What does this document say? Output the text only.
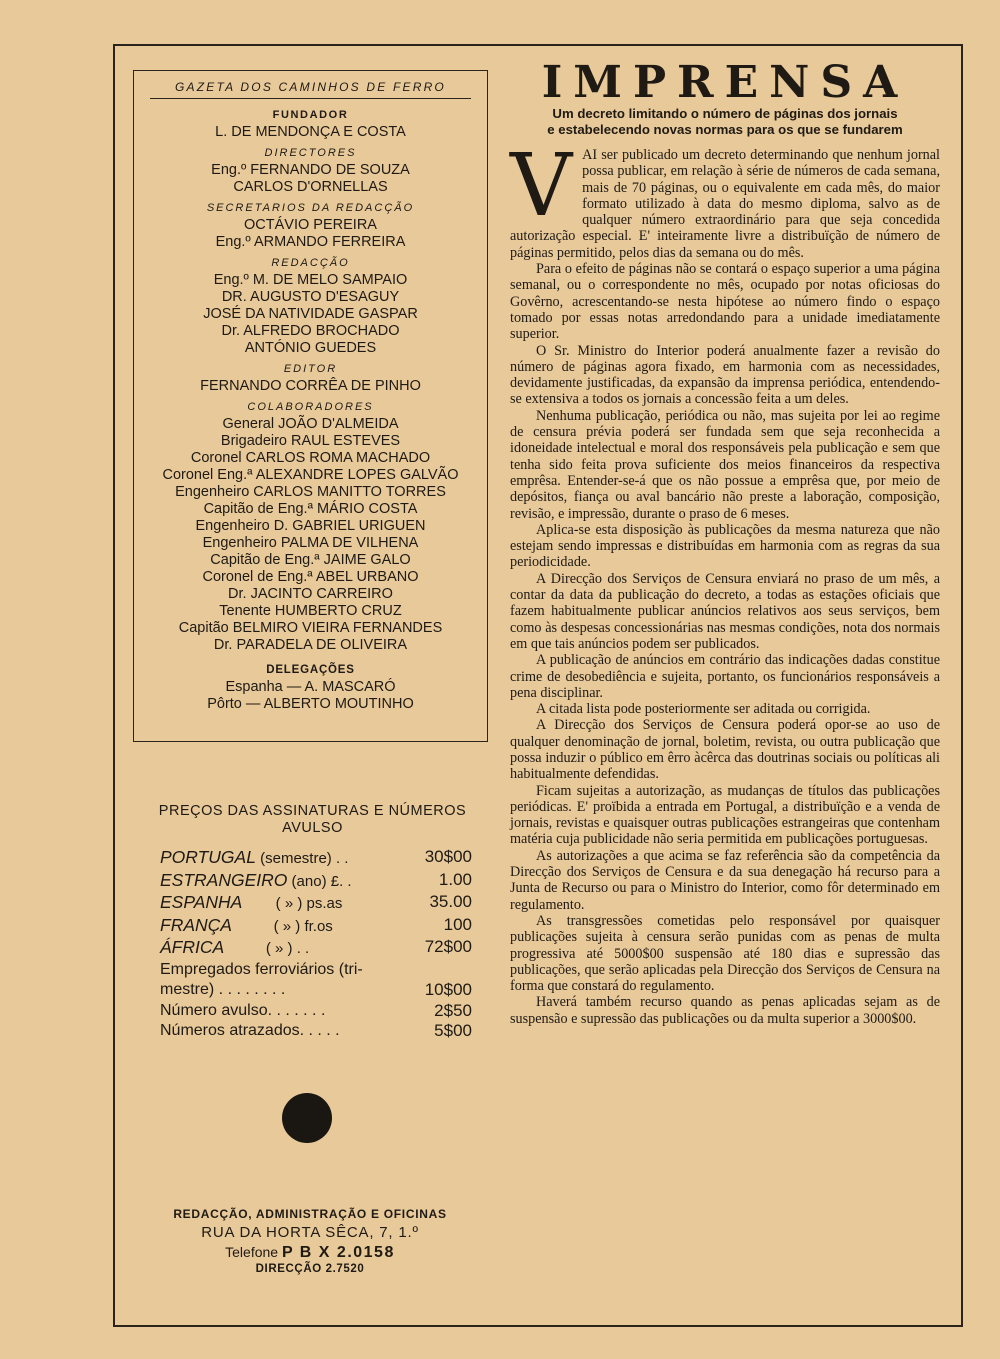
GAZETA DOS CAMINHOS DE FERRO
FUNDADOR
L. DE MENDONÇA E COSTA
DIRECTORES
Eng.º FERNANDO DE SOUZA
CARLOS D'ORNELLAS
SECRETARIOS DA REDACÇÃO
OCTÁVIO PEREIRA
Eng.º ARMANDO FERREIRA
REDACÇÃO
Eng.º M. DE MELO SAMPAIO
DR. AUGUSTO D'ESAGUY
JOSÉ DA NATIVIDADE GASPAR
Dr. ALFREDO BROCHADO
ANTÓNIO GUEDES
EDITOR
FERNANDO CORRÊA DE PINHO
COLABORADORES
General JOÃO D'ALMEIDA
Brigadeiro RAUL ESTEVES
Coronel CARLOS ROMA MACHADO
Coronel Eng.ª ALEXANDRE LOPES GALVÃO
Engenheiro CARLOS MANITTO TORRES
Capitão de Eng.ª MÁRIO COSTA
Engenheiro D. GABRIEL URIGUEN
Engenheiro PALMA DE VILHENA
Capitão de Eng.ª JAIME GALO
Coronel de Eng.ª ABEL URBANO
Dr. JACINTO CARREIRO
Tenente HUMBERTO CRUZ
Capitão BELMIRO VIEIRA FERNANDES
Dr. PARADELA DE OLIVEIRA
DELEGAÇÕES
Espanha — A. MASCARÓ
Pôrto — ALBERTO MOUTINHO
PREÇOS DAS ASSINATURAS E NÚMEROS
AVULSO
PORTUGAL (semestre) . .	30$00
ESTRANGEIRO (ano) £. .	1.00
ESPANHA        ( » ) ps.as	35.00
FRANÇA          ( » ) fr.os	100
ÁFRICA          ( » ) . .	72$00
Empregados ferroviários (tri-
mestre) . . . . . . . .	10$00
Número avulso. . . . . . .	2$50
Números atrazados. . . . .	5$00
REDACÇÃO, ADMINISTRAÇÃO E OFICINAS
RUA DA HORTA SÊCA, 7, 1.º
Telefone P B X 2.0158
DIRECÇÃO 2.7520
IMPRENSA
Um decreto limitando o número de páginas dos jornais
e estabelecendo novas normas para os que se fundarem

VAI ser publicado um decreto determinando que nenhum jornal possa publicar, em relação à série de números de cada semana, mais de 70 páginas, ou o equivalente em cada mês, do maior formato utilizado à data do mesmo diploma, salvo as de qualquer número extraordinário para que seja concedida autorização especial. E' inteiramente livre a distribuïção de número de páginas permitido, pelos dias da semana ou do mês.

Para o efeito de páginas não se contará o espaço superior a uma página semanal, ou o correspondente no mês, ocupado por notas oficiosas do Govêrno, acrescentando-se nesta hipótese ao número findo o espaço tomado por essas notas arredondando para a unidade imediatamente superior.

O Sr. Ministro do Interior poderá anualmente fazer a revisão do número de páginas agora fixado, em harmonia com as necessidades, devidamente justificadas, da expansão da imprensa periódica, entendendo-se extensiva a todos os jornais a concessão feita a um deles.

Nenhuma publicação, periódica ou não, mas sujeita por lei ao regime de censura prévia poderá ser fundada sem que seja reconhecida a idoneidade intelectual e moral dos responsáveis pela publicação e sem que tenha sido feita prova suficiente dos meios financeiros da respectiva emprêsa. Entender-se-á que os não possue a emprêsa que, por meio de depósitos, fiança ou aval bancário não preste a laboração, composição, revisão, e impressão, durante o praso de 6 meses.

Aplica-se esta disposição às publicações da mesma natureza que não estejam sendo impressas e distribuídas em harmonia com as regras da sua periodicidade.

A Direcção dos Serviços de Censura enviará no praso de um mês, a contar da data da publicação do decreto, a todas as estações oficiais que fazem habitualmente publicar anúncios relativos aos seus serviços, bem como às despesas concessionárias nas mesmas condições, nota dos normais em que tais anúncios podem ser publicados.

A publicação de anúncios em contrário das indicações dadas constitue crime de desobediência e sujeita, portanto, os funcionários responsáveis a pena disciplinar.

A citada lista pode posteriormente ser aditada ou corrigida.

A Direcção dos Serviços de Censura poderá opor-se ao uso de qualquer denominação de jornal, boletim, revista, ou outra publicação que possa induzir o público em êrro àcêrca das doutrinas sociais ou políticas ali habitualmente defendidas.

Ficam sujeitas a autorização, as mudanças de títulos das publicações periódicas. E' proïbida a entrada em Portugal, a distribuïção e a venda de jornais, revistas e quaisquer outras publicações estrangeiras que contenham matéria cuja publicidade não seria permitida em publicações portuguesas.

As autorizações a que acima se faz referência são da competência da Direcção dos Serviços de Censura e da sua denegação há recurso para a Junta de Recurso ou para o Ministro do Interior, como fôr determinado em regulamento.

As transgressões cometidas pelo responsável por quaisquer publicações sujeita à censura serão punidas com as penas de multa progressiva até 5000$00 suspensão até 180 dias e supressão das publicações, que serão aplicadas pela Direcção dos Serviços de Censura na forma que constará do regulamento.

Haverá também recurso quando as penas aplicadas sejam as de suspensão e supressão das publicações ou da multa superior a 3000$00.
